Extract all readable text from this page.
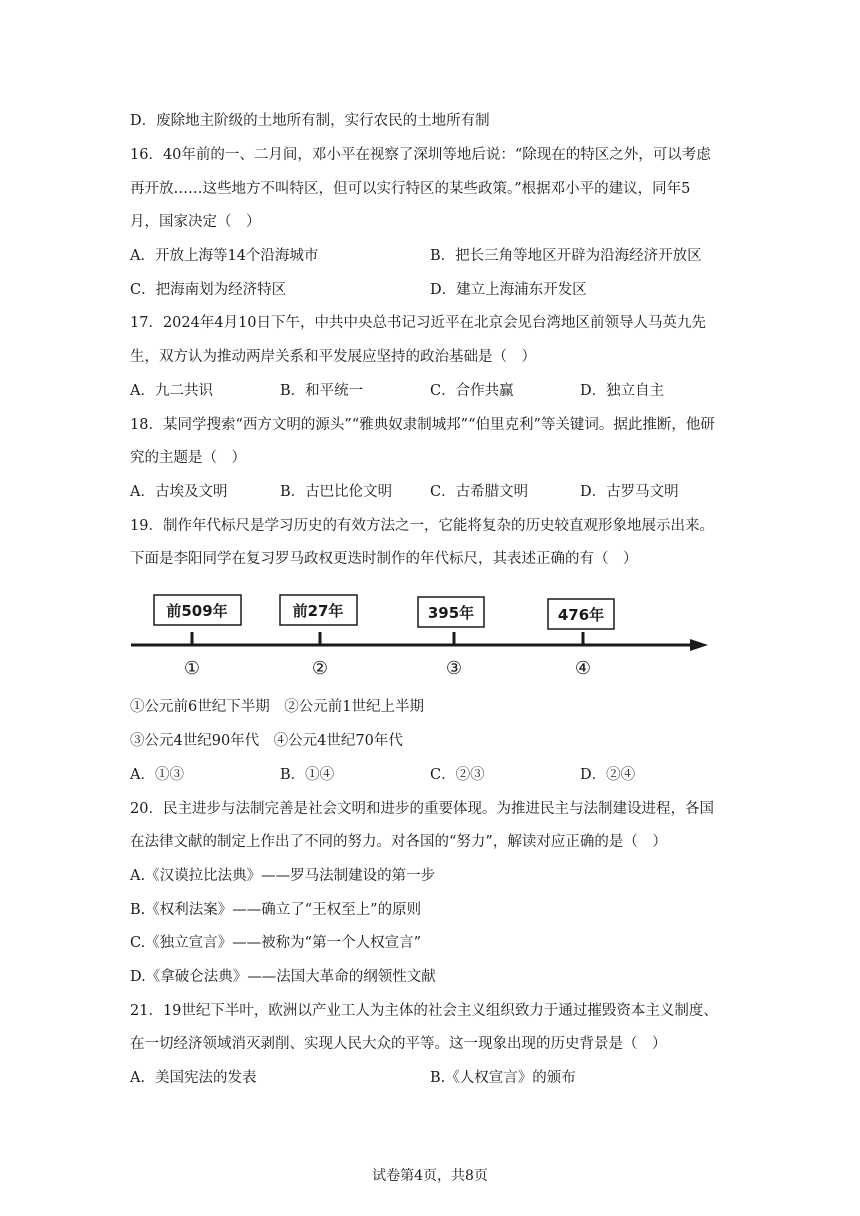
D．废除地主阶级的土地所有制，实行农民的土地所有制
16．40年前的一、二月间，邓小平在视察了深圳等地后说：“除现在的特区之外，可以考虑
再开放……这些地方不叫特区，但可以实行特区的某些政策。”根据邓小平的建议，同年5
月，国家决定（　）
A．开放上海等14个沿海城市	B．把长三角等地区开辟为沿海经济开放区
C．把海南划为经济特区	D．建立上海浦东开发区
17．2024年4月10日下午，中共中央总书记习近平在北京会见台湾地区前领导人马英九先
生，双方认为推动两岸关系和平发展应坚持的政治基础是（　）
A．九二共识	B．和平统一	C．合作共赢	D．独立自主
18．某同学搜索“西方文明的源头”“雅典奴隶制城邦”“伯里克利”等关键词。据此推断，他研
究的主题是（　）
A．古埃及文明	B．古巴比伦文明	C．古希腊文明	D．古罗马文明
19．制作年代标尺是学习历史的有效方法之一，它能将复杂的历史较直观形象地展示出来。
下面是李阳同学在复习罗马政权更迭时制作的年代标尺，其表述正确的有（　）
前509年
①
前27年
②
395年
③
476年
④
①公元前6世纪下半期　②公元前1世纪上半期
③公元4世纪90年代　④公元4世纪70年代
A．①③	B．①④	C．②③	D．②④
20．民主进步与法制完善是社会文明和进步的重要体现。为推进民主与法制建设进程，各国
在法律文献的制定上作出了不同的努力。对各国的“努力”，解读对应正确的是（　）
A.《汉谟拉比法典》——罗马法制建设的第一步
B.《权利法案》——确立了“王权至上”的原则
C.《独立宣言》——被称为“第一个人权宣言”
D.《拿破仑法典》——法国大革命的纲领性文献
21．19世纪下半叶，欧洲以产业工人为主体的社会主义组织致力于通过摧毁资本主义制度、
在一切经济领域消灭剥削、实现人民大众的平等。这一现象出现的历史背景是（　）
A．美国宪法的发表	B.《人权宣言》的颁布
试卷第4页，共8页
